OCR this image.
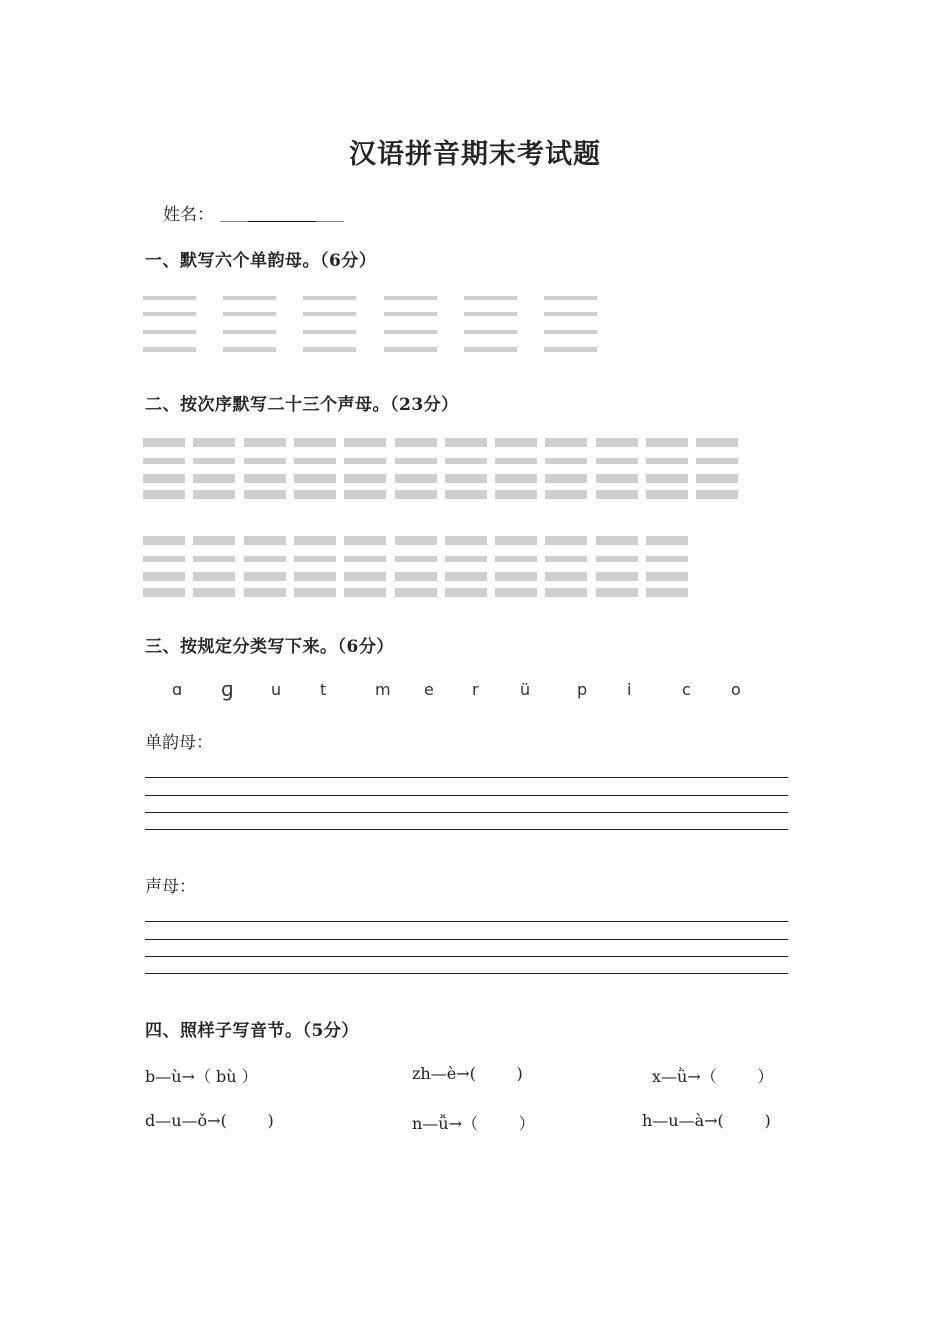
汉语拼音期末考试题
姓名：
一、默写六个单韵母。（6分）
二、按次序默写二十三个声母。（23分）
三、按规定分类写下来。（6分）
ɑ ɡ u t	m e r	ü	p i	c	o
单韵母：
声母：
四、照样子写音节。（5分）
b—ù→（ bù ）	zh—è→(        )	x—ǜ→（        ）
d—u—ǒ→(        )	n—ǚ→（        ）	h—u—à→(        )
